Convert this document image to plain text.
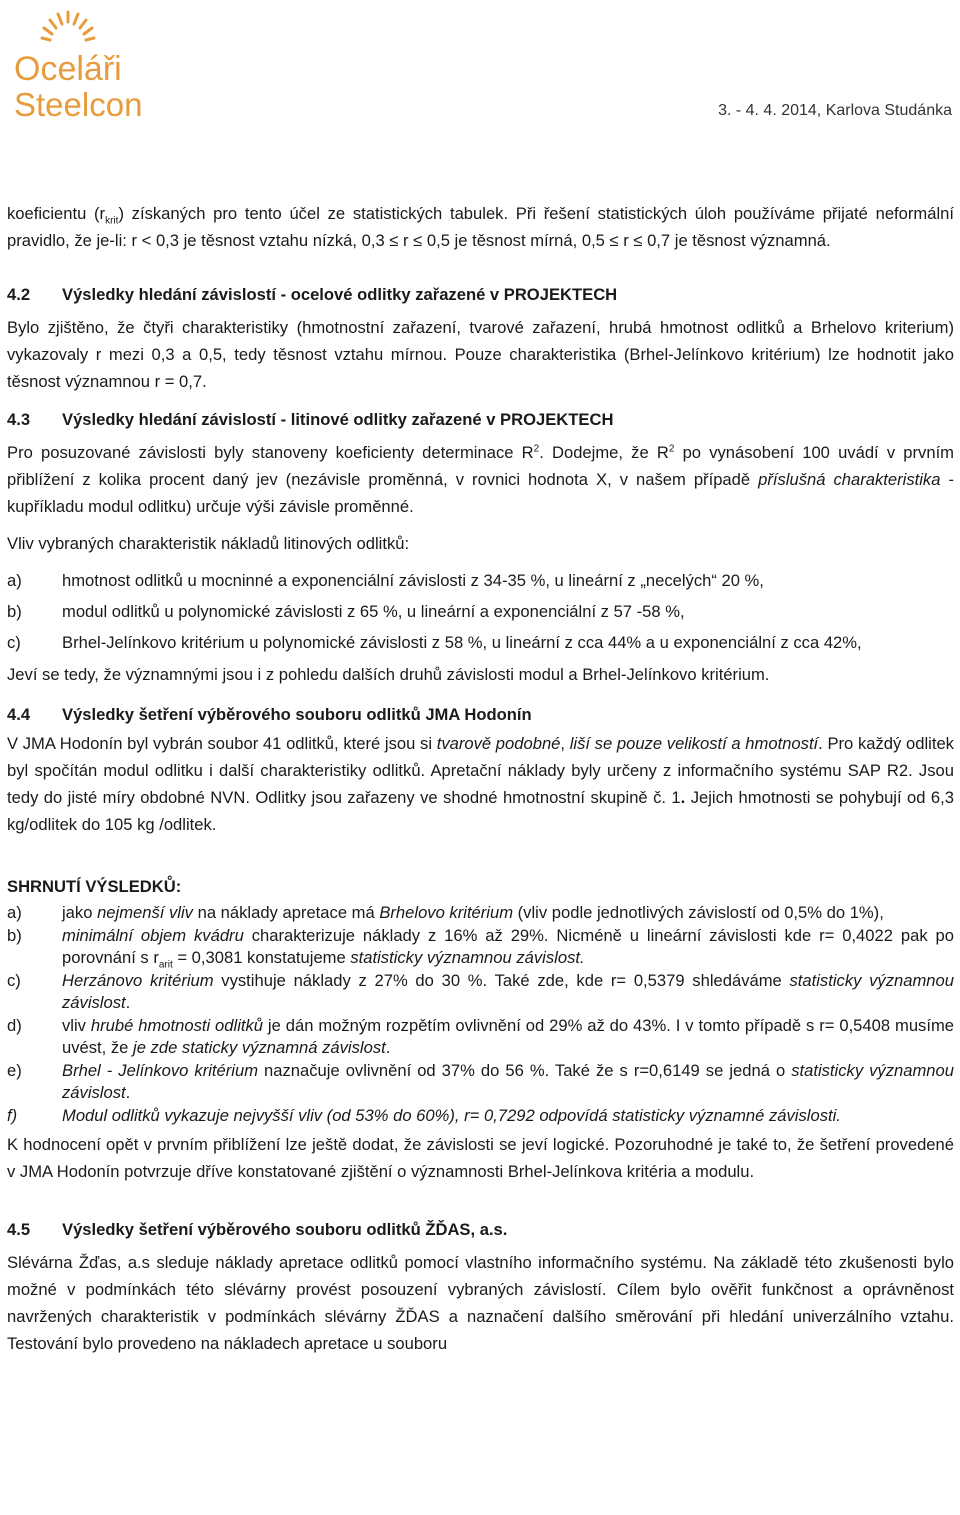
Oceláři
Steelcon	3. - 4. 4. 2014, Karlova Studánka

koeficientu $(r_{krit})$ získaných pro tento účel ze statistických tabulek. Při řešení statistických úloh používáme přijaté neformální pravidlo, že je-li: r < 0,3 je těsnost vztahu nízká, 0,3 ≤ r ≤ 0,5 je těsnost mírná, 0,5 ≤ r ≤ 0,7 je těsnost významná.

4.2 Výsledky hledání závislostí - ocelové odlitky zařazené v PROJEKTECH

Bylo zjištěno, že čtyři charakteristiky (hmotnostní zařazení, tvarové zařazení, hrubá hmotnost odlitků a Brhelovo kriterium) vykazovaly r mezi 0,3 a 0,5, tedy těsnost vztahu mírnou. Pouze charakteristika (Brhel-Jelínkovo kritérium) lze hodnotit jako těsnost významnou r = 0,7.

4.3 Výsledky hledání závislostí - litinové odlitky zařazené v PROJEKTECH

Pro posuzované závislosti byly stanoveny koeficienty determinace $R^2$. Dodejme, že $R^2$ po vynásobení 100 uvádí v prvním přiblížení z kolika procent daný jev (nezávisle proměnná, v rovnici hodnota X, v našem případě příslušná charakteristika - kupříkladu modul odlitku) určuje výši závisle proměnné.

Vliv vybraných charakteristik nákladů litinových odlitků:

a)	hmotnost odlitků u mocninné a exponenciální závislosti z 34-35 %, u lineární z „necelých“ 20 %,
b)	modul odlitků u polynomické závislosti z 65 %, u lineární a exponenciální z 57 -58 %,
c)	Brhel-Jelínkovo kritérium u polynomické závislosti z 58 %, u lineární z cca 44% a u exponenciální z cca 42%,

Jeví se tedy, že významnými jsou i z pohledu dalších druhů závislosti modul a Brhel-Jelínkovo kritérium.

4.4 Výsledky šetření výběrového souboru odlitků JMA Hodonín

V JMA Hodonín byl vybrán soubor 41 odlitků, které jsou si tvarově podobné, liší se pouze velikostí a hmotností. Pro každý odlitek byl spočítán modul odlitku i další charakteristiky odlitků. Apretační náklady byly určeny z informačního systému SAP R2. Jsou tedy do jisté míry obdobné NVN. Odlitky jsou zařazeny ve shodné hmotnostní skupině č. 1. Jejich hmotnosti se pohybují od 6,3 kg/odlitek do 105 kg /odlitek.

SHRNUTÍ VÝSLEDKŮ:
a)	jako nejmenší vliv na náklady apretace má Brhelovo kritérium (vliv podle jednotlivých závislostí od 0,5% do 1%),
b)	minimální objem kvádru charakterizuje náklady z 16% až 29%. Nicméně u lineární závislosti kde r= 0,4022 pak po porovnání s $r_{arit} = 0,3081$ konstatujeme statisticky významnou závislost.
c)	Herzánovo kritérium vystihuje náklady z 27% do 30 %. Také zde, kde r= 0,5379 shledáváme statisticky významnou závislost.
d)	vliv hrubé hmotnosti odlitků je dán možným rozpětím ovlivnění od 29% až do 43%. I v tomto případě s r= 0,5408 musíme uvést, že je zde staticky významná závislost.
e)	Brhel - Jelínkovo kritérium naznačuje ovlivnění od 37% do 56 %. Také že s r=0,6149 se jedná o statisticky významnou závislost.
f)	Modul odlitků vykazuje nejvyšší vliv (od 53% do 60%), r= 0,7292 odpovídá statisticky významné závislosti.

K hodnocení opět v prvním přiblížení lze ještě dodat, že závislosti se jeví logické. Pozoruhodné je také to, že šetření provedené v JMA Hodonín potvrzuje dříve konstatované zjištění o významnosti Brhel-Jelínkova kritéria a modulu.

4.5 Výsledky šetření výběrového souboru odlitků ŽĎAS, a.s.

Slévárna Žďas, a.s sleduje náklady apretace odlitků pomocí vlastního informačního systému. Na základě této zkušenosti bylo možné v podmínkách této slévárny provést posouzení vybraných závislostí. Cílem bylo ověřit funkčnost a oprávněnost navržených charakteristik v podmínkách slévárny ŽĎAS a naznačení dalšího směrování při hledání univerzálního vztahu. Testování bylo provedeno na nákladech apretace u souboru
